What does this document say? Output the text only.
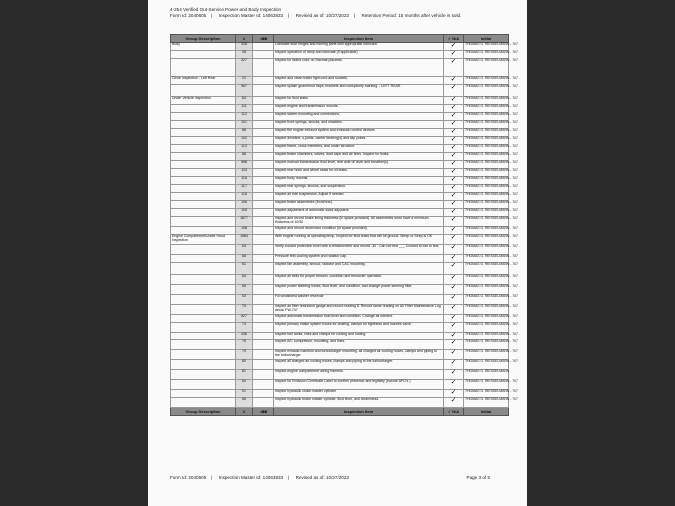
4-254 Verified Out-Service Power and Body Inspection
Form Id: 2040605 | Inspection Master Id: 14063833 | Revised as of: 10/27/2023 | Retention Period: 15 months after vehicle is sold.
Group Description	#	○⊗⊗	Inspection Item	✓ N/A	Initial
Body	318		Lubricate door hinges and moving parts with appropriate lubricant.	✓	THOMAS G. RIESSELMANN - 707
	35		Inspect operation of ramp and lubricate (if applicable)	✓	THOMAS G. RIESSELMANN - 707
	327		Inspect for faded color on Hazmat placards.	✓	THOMAS G. RIESSELMANN - 707
Circle Inspection - Left Rear	21		Inspect and clean trailer light cord and sockets.	✓	THOMAS G. RIESSELMANN - 707
	967		Inspect splash guard/mud flaps, brackets and conspicuity marking. - LEFT REAR	✓	THOMAS G. RIESSELMANN - 707
Under Vehicle Inspection	83		Inspect for fluid leaks.	✓	THOMAS G. RIESSELMANN - 707
	111		Inspect engine and transmission mounts.	✓	THOMAS G. RIESSELMANN - 707
	112		Inspect starter mounting and connections.	✓	THOMAS G. RIESSELMANN - 707
	101		Inspect front springs, shocks, and shackles.	✓	THOMAS G. RIESSELMANN - 707
	86		Inspect the engine exhaust system and emission control devices	✓	THOMAS G. RIESSELMANN - 707
	102		Inspect driveline, u-joints, carrier bearing(s) and slip yokes.	✓	THOMAS G. RIESSELMANN - 707
	113		Inspect frame, cross members, and under structure.	✓	THOMAS G. RIESSELMANN - 707
	88		Inspect brake chambers, valves, dust caps and air lines. Inspect for leaks.	✓	THOMAS G. RIESSELMANN - 707
	968		Inspect manual transmission fluid level, rear axle oil level and breather(s).	✓	THOMAS G. RIESSELMANN - 707
	103		Inspect rear hubs and wheel seals for oil leaks.	✓	THOMAS G. RIESSELMANN - 707
	115		Inspect body mounts.	✓	THOMAS G. RIESSELMANN - 707
	117		Inspect rear springs, shocks, and suspension.	✓	THOMAS G. RIESSELMANN - 707
	118		Inspect air ride suspension. Adjust if needed.	✓	THOMAS G. RIESSELMANN - 707
	106		Inspect brake assemblies (front/rear).	✓	THOMAS G. RIESSELMANN - 707
	105		Inspect adjustment of automatic slack adjusters.	✓	THOMAS G. RIESSELMANN - 707
	1877		Inspect and record brake lining thickness (in space provided). All assemblies must have a minimum thickness of 10/32	✓	THOMAS G. RIESSELMANN - 707
	108		Inspect and record drum/rotor condition (in space provided).	✓	THOMAS G. RIESSELMANN - 707
Engine Compartment/Under Hood Inspection	1984		With engine running at operating temp. Inspect for fluid leaks that will hit ground. Weep or Seep is OK	✓	THOMAS G. RIESSELMANN - 707
	63		Verify coolant protection level with a refractometer and record -30 . Can not test ___ Coolant to low to test	✓	THOMAS G. RIESSELMANN - 707
	66		Pressure test cooling system and radiator cap.	✓	THOMAS G. RIESSELMANN - 707
	61		Inspect fan assembly, shroud, radiator and CAC mounting.	✓	THOMAS G. RIESSELMANN - 707
	64		Inspect all belts for proper tension, condition and tensioner operation.	✓	THOMAS G. RIESSELMANN - 707
	65		Inspect power steering hoses, fluid level, and condition, and change power steering filter.	✓	THOMAS G. RIESSELMANN - 707
	53		Fill windshield washer reservoir	✓	THOMAS G. RIESSELMANN - 707
	70		Inspect air filter restriction gauge and record reading 8. Record same reading on Air Filter Maintenance Log decal. FW-747	✓	THOMAS G. RIESSELMANN - 707
	627		Inspect automatic transmission fluid level and condition. Change as needed.	✓	THOMAS G. RIESSELMANN - 707
	74		Inspect primary intake system hoses for chafing, clamps for tightness and nozzles valve.	✓	THOMAS G. RIESSELMANN - 707
	436		Inspect fuel tanks, lines and clamps for routing and rusting.	✓	THOMAS G. RIESSELMANN - 707
	76		Inspect A/C compressor, mounting, and lines.	✓	THOMAS G. RIESSELMANN - 707
	79		Inspect exhaust manifold and turbocharger mounting, all charged air cooling hoses, clamps and piping to the turbocharger.	✓	THOMAS G. RIESSELMANN - 707
	80		Inspect all charged air cooling hoses, clamps and piping to the turbocharger.	✓	THOMAS G. RIESSELMANN - 707
	81		Inspect engine compartment wiring harness.	✓	THOMAS G. RIESSELMANN
	60		Inspect for Emission Certificate Label to confirm presence and legibility (include APU's )	✓	THOMAS G. RIESSELMANN - 707
	91		Inspect hydraulic clutch master cylinder	✓	THOMAS G. RIESSELMANN - 707
	56		Inspect hydraulic brake master cylinder, fluid level, and cleanliness.	✓	THOMAS G. RIESSELMANN - 707
Group Description	#	○⊗⊗	Inspection Item	✓ N/A	Initial
Form Id: 2040605 | Inspection Master Id: 14063833 | Revised as of: 10/27/2023	Page 3 of 5
